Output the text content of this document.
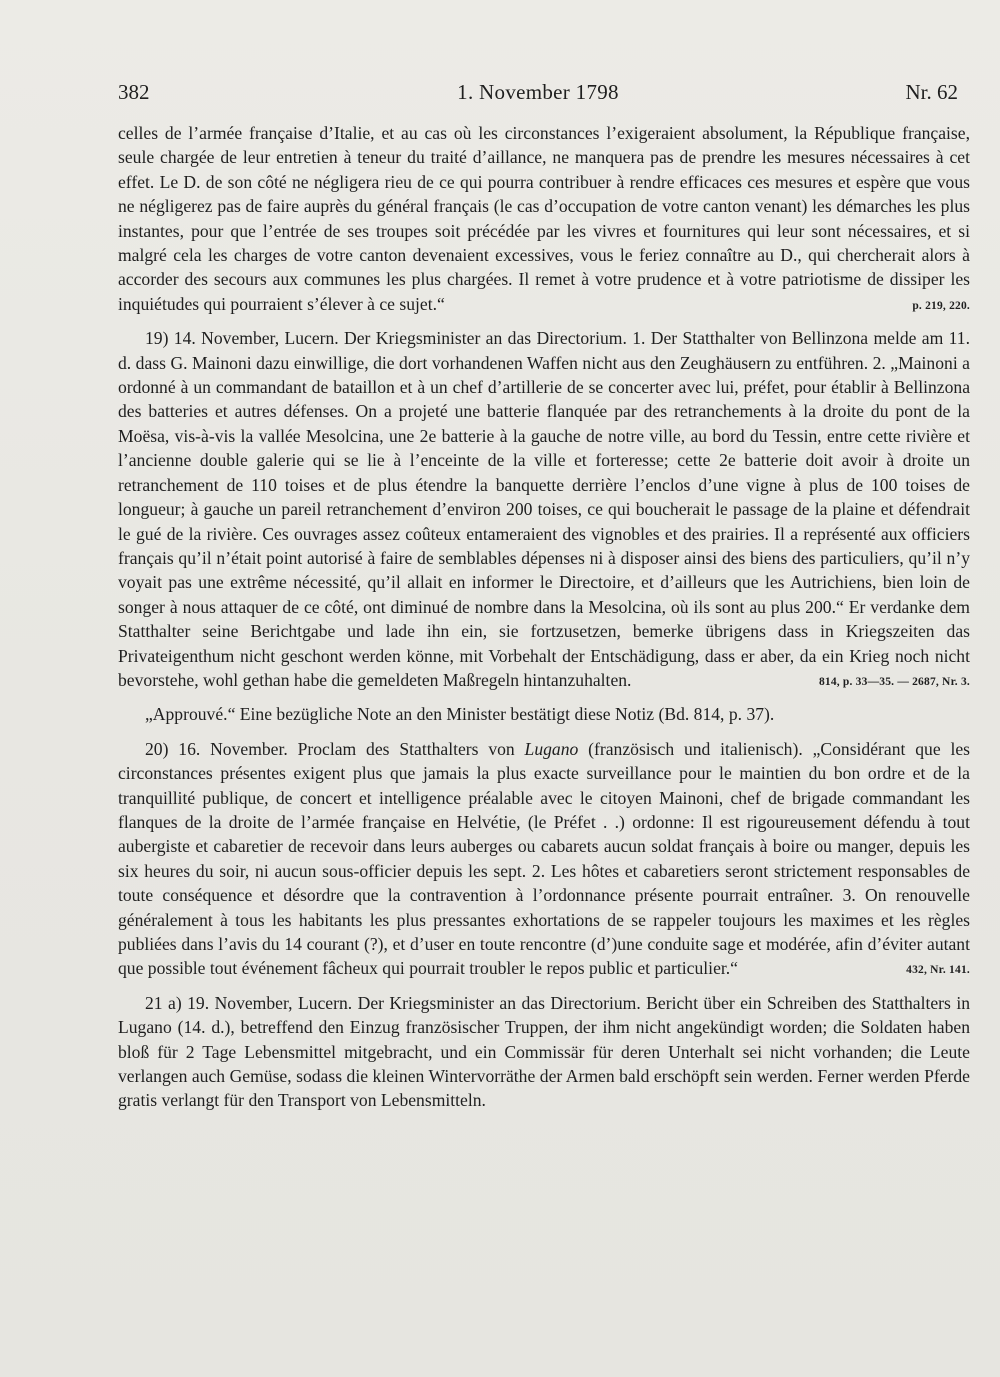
382	1. November 1798	Nr. 62

celles de l’armée française d’Italie, et au cas où les circonstances l’exigeraient absolument, la République française, seule chargée de leur entretien à teneur du traité d’aillance, ne manquera pas de prendre les mesures nécessaires à cet effet. Le D. de son côté ne négligera rieu de ce qui pourra contribuer à rendre efficaces ces mesures et espère que vous ne négligerez pas de faire auprès du général français (le cas d’occupation de votre canton venant) les démarches les plus instantes, pour que l’entrée de ses troupes soit précédée par les vivres et fournitures qui leur sont nécessaires, et si malgré cela les charges de votre canton devenaient excessives, vous le feriez connaître au D., qui chercherait alors à accorder des secours aux communes les plus chargées. Il remet à votre prudence et à votre patriotisme de dissiper les inquiétudes qui pourraient s’élever à ce sujet.“	p. 219, 220.

19) 14. November, Lucern. Der Kriegsminister an das Directorium. 1. Der Statthalter von Bellinzona melde am 11. d. dass G. Mainoni dazu einwillige, die dort vorhandenen Waffen nicht aus den Zeughäusern zu entführen. 2. „Mainoni a ordonné à un commandant de bataillon et à un chef d’artillerie de se concerter avec lui, préfet, pour établir à Bellinzona des batteries et autres défenses. On a projeté une batterie flanquée par des retranchements à la droite du pont de la Moësa, vis-à-vis la vallée Mesolcina, une 2e batterie à la gauche de notre ville, au bord du Tessin, entre cette rivière et l’ancienne double galerie qui se lie à l’enceinte de la ville et forteresse; cette 2e batterie doit avoir à droite un retranchement de 110 toises et de plus étendre la banquette derrière l’enclos d’une vigne à plus de 100 toises de longueur; à gauche un pareil retranchement d’environ 200 toises, ce qui boucherait le passage de la plaine et défendrait le gué de la rivière. Ces ouvrages assez coûteux entameraient des vignobles et des prairies. Il a représenté aux officiers français qu’il n’était point autorisé à faire de semblables dépenses ni à disposer ainsi des biens des particuliers, qu’il n’y voyait pas une extrême nécessité, qu’il allait en informer le Directoire, et d’ailleurs que les Autrichiens, bien loin de songer à nous attaquer de ce côté, ont diminué de nombre dans la Mesolcina, où ils sont au plus 200.“ Er verdanke dem Statthalter seine Berichtgabe und lade ihn ein, sie fortzusetzen, bemerke übrigens dass in Kriegszeiten das Privateigenthum nicht geschont werden könne, mit Vorbehalt der Entschädigung, dass er aber, da ein Krieg noch nicht bevorstehe, wohl gethan habe die gemeldeten Maßregeln hintanzuhalten.	814, p. 33—35. — 2687, Nr. 3.

„Approuvé.“ Eine bezügliche Note an den Minister bestätigt diese Notiz (Bd. 814, p. 37).

20) 16. November. Proclam des Statthalters von Lugano (französisch und italienisch). „Considérant que les circonstances présentes exigent plus que jamais la plus exacte surveillance pour le maintien du bon ordre et de la tranquillité publique, de concert et intelligence préalable avec le citoyen Mainoni, chef de brigade commandant les flanques de la droite de l’armée française en Helvétie, (le Préfet . .) ordonne: Il est rigoureusement défendu à tout aubergiste et cabaretier de recevoir dans leurs auberges ou cabarets aucun soldat français à boire ou manger, depuis les six heures du soir, ni aucun sous-officier depuis les sept. 2. Les hôtes et cabaretiers seront strictement responsables de toute conséquence et désordre que la contravention à l’ordonnance présente pourrait entraîner. 3. On renouvelle généralement à tous les habitants les plus pressantes exhortations de se rappeler toujours les maximes et les règles publiées dans l’avis du 14 courant (?), et d’user en toute rencontre (d’)une conduite sage et modérée, afin d’éviter autant que possible tout événement fâcheux qui pourrait troubler le repos public et particulier.“	432, Nr. 141.

21 a) 19. November, Lucern. Der Kriegsminister an das Directorium. Bericht über ein Schreiben des Statthalters in Lugano (14. d.), betreffend den Einzug französischer Truppen, der ihm nicht angekündigt worden; die Soldaten haben bloß für 2 Tage Lebensmittel mitgebracht, und ein Commissär für deren Unterhalt sei nicht vorhanden; die Leute verlangen auch Gemüse, sodass die kleinen Wintervorräthe der Armen bald erschöpft sein werden. Ferner werden Pferde gratis verlangt für den Transport von Lebensmitteln.
